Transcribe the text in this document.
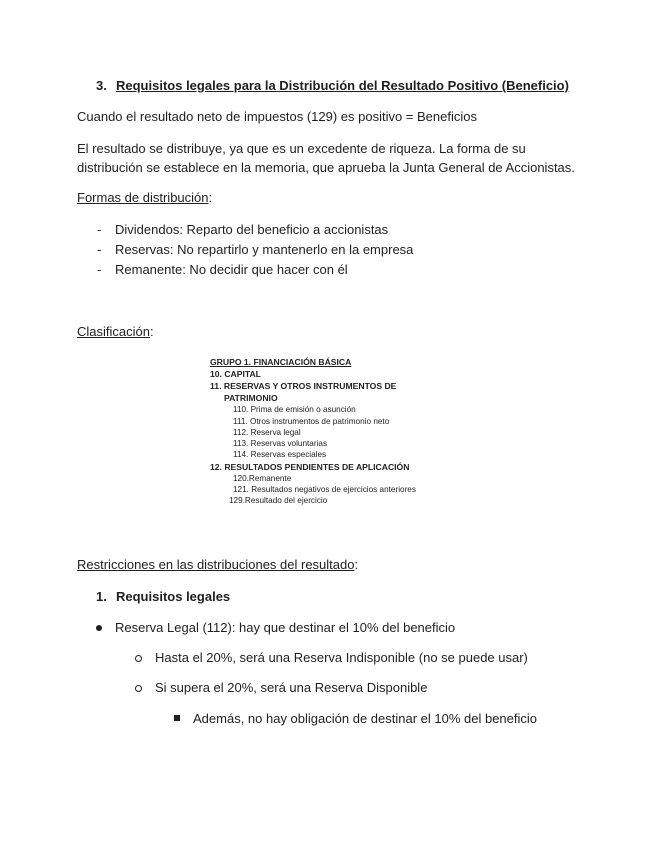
3. Requisitos legales para la Distribución del Resultado Positivo (Beneficio)
Cuando el resultado neto de impuestos (129) es positivo = Beneficios
El resultado se distribuye, ya que es un excedente de riqueza. La forma de su
distribución se establece en la memoria, que aprueba la Junta General de Accionistas.
Formas de distribución:
- Dividendos: Reparto del beneficio a accionistas
- Reservas: No repartirlo y mantenerlo en la empresa
- Remanente: No decidir que hacer con él
Clasificación:
GRUPO 1. FINANCIACIÓN BÁSICA
10. CAPITAL
11. RESERVAS Y OTROS INSTRUMENTOS DE
PATRIMONIO
110. Prima de emisión o asunción
111. Otros instrumentos de patrimonio neto
112. Reserva legal
113. Reservas voluntarias
114. Reservas especiales
12. RESULTADOS PENDIENTES DE APLICACIÓN
120.Remanente
121. Resultados negativos de ejercicios anteriores
129.Resultado del ejercicio
Restricciones en las distribuciones del resultado:
1. Requisitos legales
Reserva Legal (112): hay que destinar el 10% del beneficio
Hasta el 20%, será una Reserva Indisponible (no se puede usar)
Si supera el 20%, será una Reserva Disponible
Además, no hay obligación de destinar el 10% del beneficio
